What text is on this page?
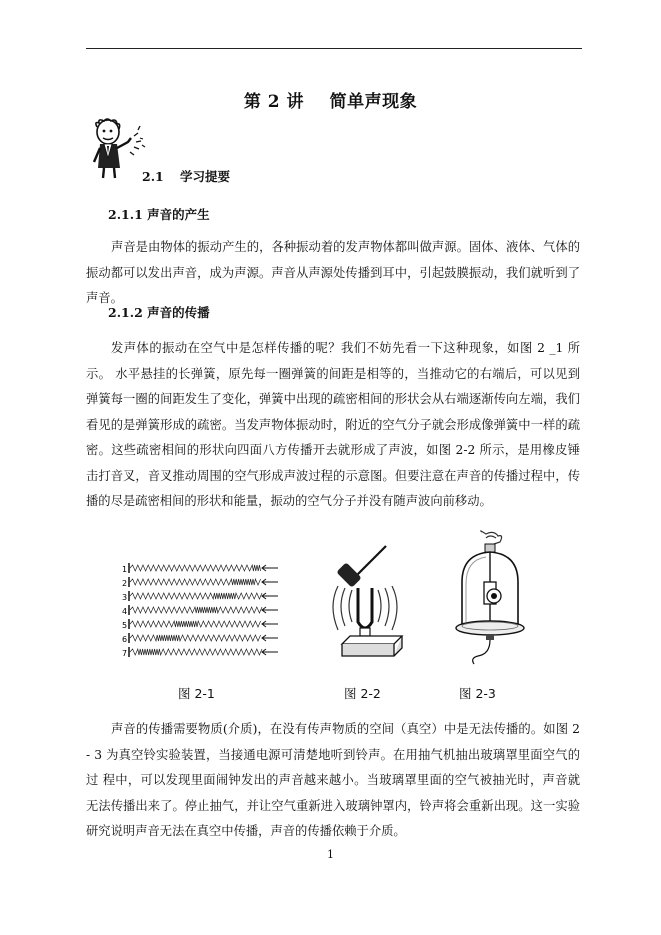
第 2 讲    简单声现象
2.1 学习提要
2.1.1 声音的产生

声音是由物体的振动产生的，各种振动着的发声物体都叫做声源。固体、液体、气体的振动都可以发出声音，成为声源。声音从声源处传播到耳中，引起鼓膜振动，我们就听到了声音。

2.1.2 声音的传播

发声体的振动在空气中是怎样传播的呢？我们不妨先看一下这种现象，如图 2 _1 所示。 水平悬挂的长弹簧，原先每一圈弹簧的间距是相等的，当推动它的右端后，可以见到弹簧每一圈的间距发生了变化，弹簧中出现的疏密相间的形状会从右端逐渐传向左端，我们看见的是弹簧形成的疏密。当发声物体振动时，附近的空气分子就会形成像弹簧中一样的疏密。这些疏密相间的形状向四面八方传播开去就形成了声波，如图 2-2 所示，是用橡皮锤击打音叉，音叉推动周围的空气形成声波过程的示意图。但要注意在声音的传播过程中，传播的尽是疏密相间的形状和能量，振动的空气分子并没有随声波向前移动。

1
2
3
4
5
6
7
图 2-1	图 2-2	图 2-3

声音的传播需要物质(介质)，在没有传声物质的空间（真空）中是无法传播的。如图 2 - 3 为真空铃实验装置，当接通电源可清楚地听到铃声。在用抽气机抽出玻璃罩里面空气的过 程中，可以发现里面闹钟发出的声音越来越小。当玻璃罩里面的空气被抽光时，声音就无法传播出来了。停止抽气，并让空气重新进入玻璃钟罩内，铃声将会重新出现。这一实验研究说明声音无法在真空中传播，声音的传播依赖于介质。

1
